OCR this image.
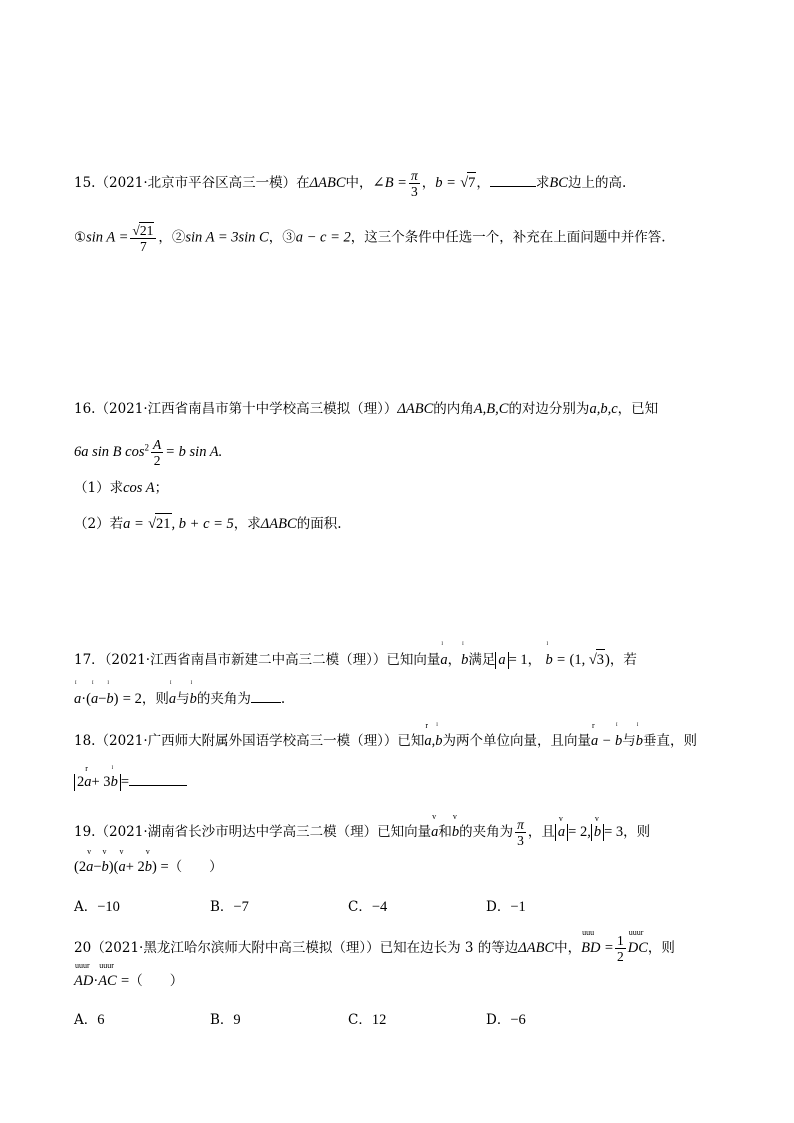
15.（2021·北京市平谷区高三一模）在ΔABC中，∠B = $\frac{\pi}{3}$ ，b = √7，	求BC边上的高.
①sin $A = \frac{√21}{7}$ ，②sin A = 3sin C，③a − c = 2，这三个条件中任选一个，补充在上面问题中并作答.
16.（2021·江西省南昌市第十中学校高三模拟（理））ΔABC的内角A,B,C的对边分别为a,b,c，已知
6a sin B $\cos^2 \frac{A}{2} = b$ sin A.
（1）求cos A；
（2）若a = √21, b + c = 5，求ΔABC的面积.
17．（2021·江西省南昌市新建二中高三二模（理））已知向量
ᴵ
a，
ᴵ
b满足 a = 1，
ᴵ
b = (1, √3)，若
ᴵ
a·(
ᴵ
a−
ᴵ
b) = 2，则
ᴵ
a与
ᴵ
b的夹角为 .
18.（2021·广西师大附属外国语学校高三一模（理））已知
r
a,
ᴵ
b为两个单位向量，且向量
r
a −
ᴵ
b与
ᴵ
b垂直，则
2
r
a+ 3
ᴵ
b =
19.（2021·湖南省长沙市明达中学高三二模（理）已知向量
v
a和
v
b的夹角为 $\frac{\pi}{3}$ ，且
v
a = 2,
v
b = 3，则
(2
v
a−
v
b)(
v
a+ 2
v
b) =（　　）
A．−10	B．−7	C．−4	D．−1
20（2021·黑龙江哈尔滨师大附中高三模拟（理））已知在边长为 3 的等边ΔABC中，
uuu
BD = $\frac{1}{2}$
uuur
DC，则
uuur
AD·
uuur
AC =（　　）
A．6	B．9	C．12	D．−6
